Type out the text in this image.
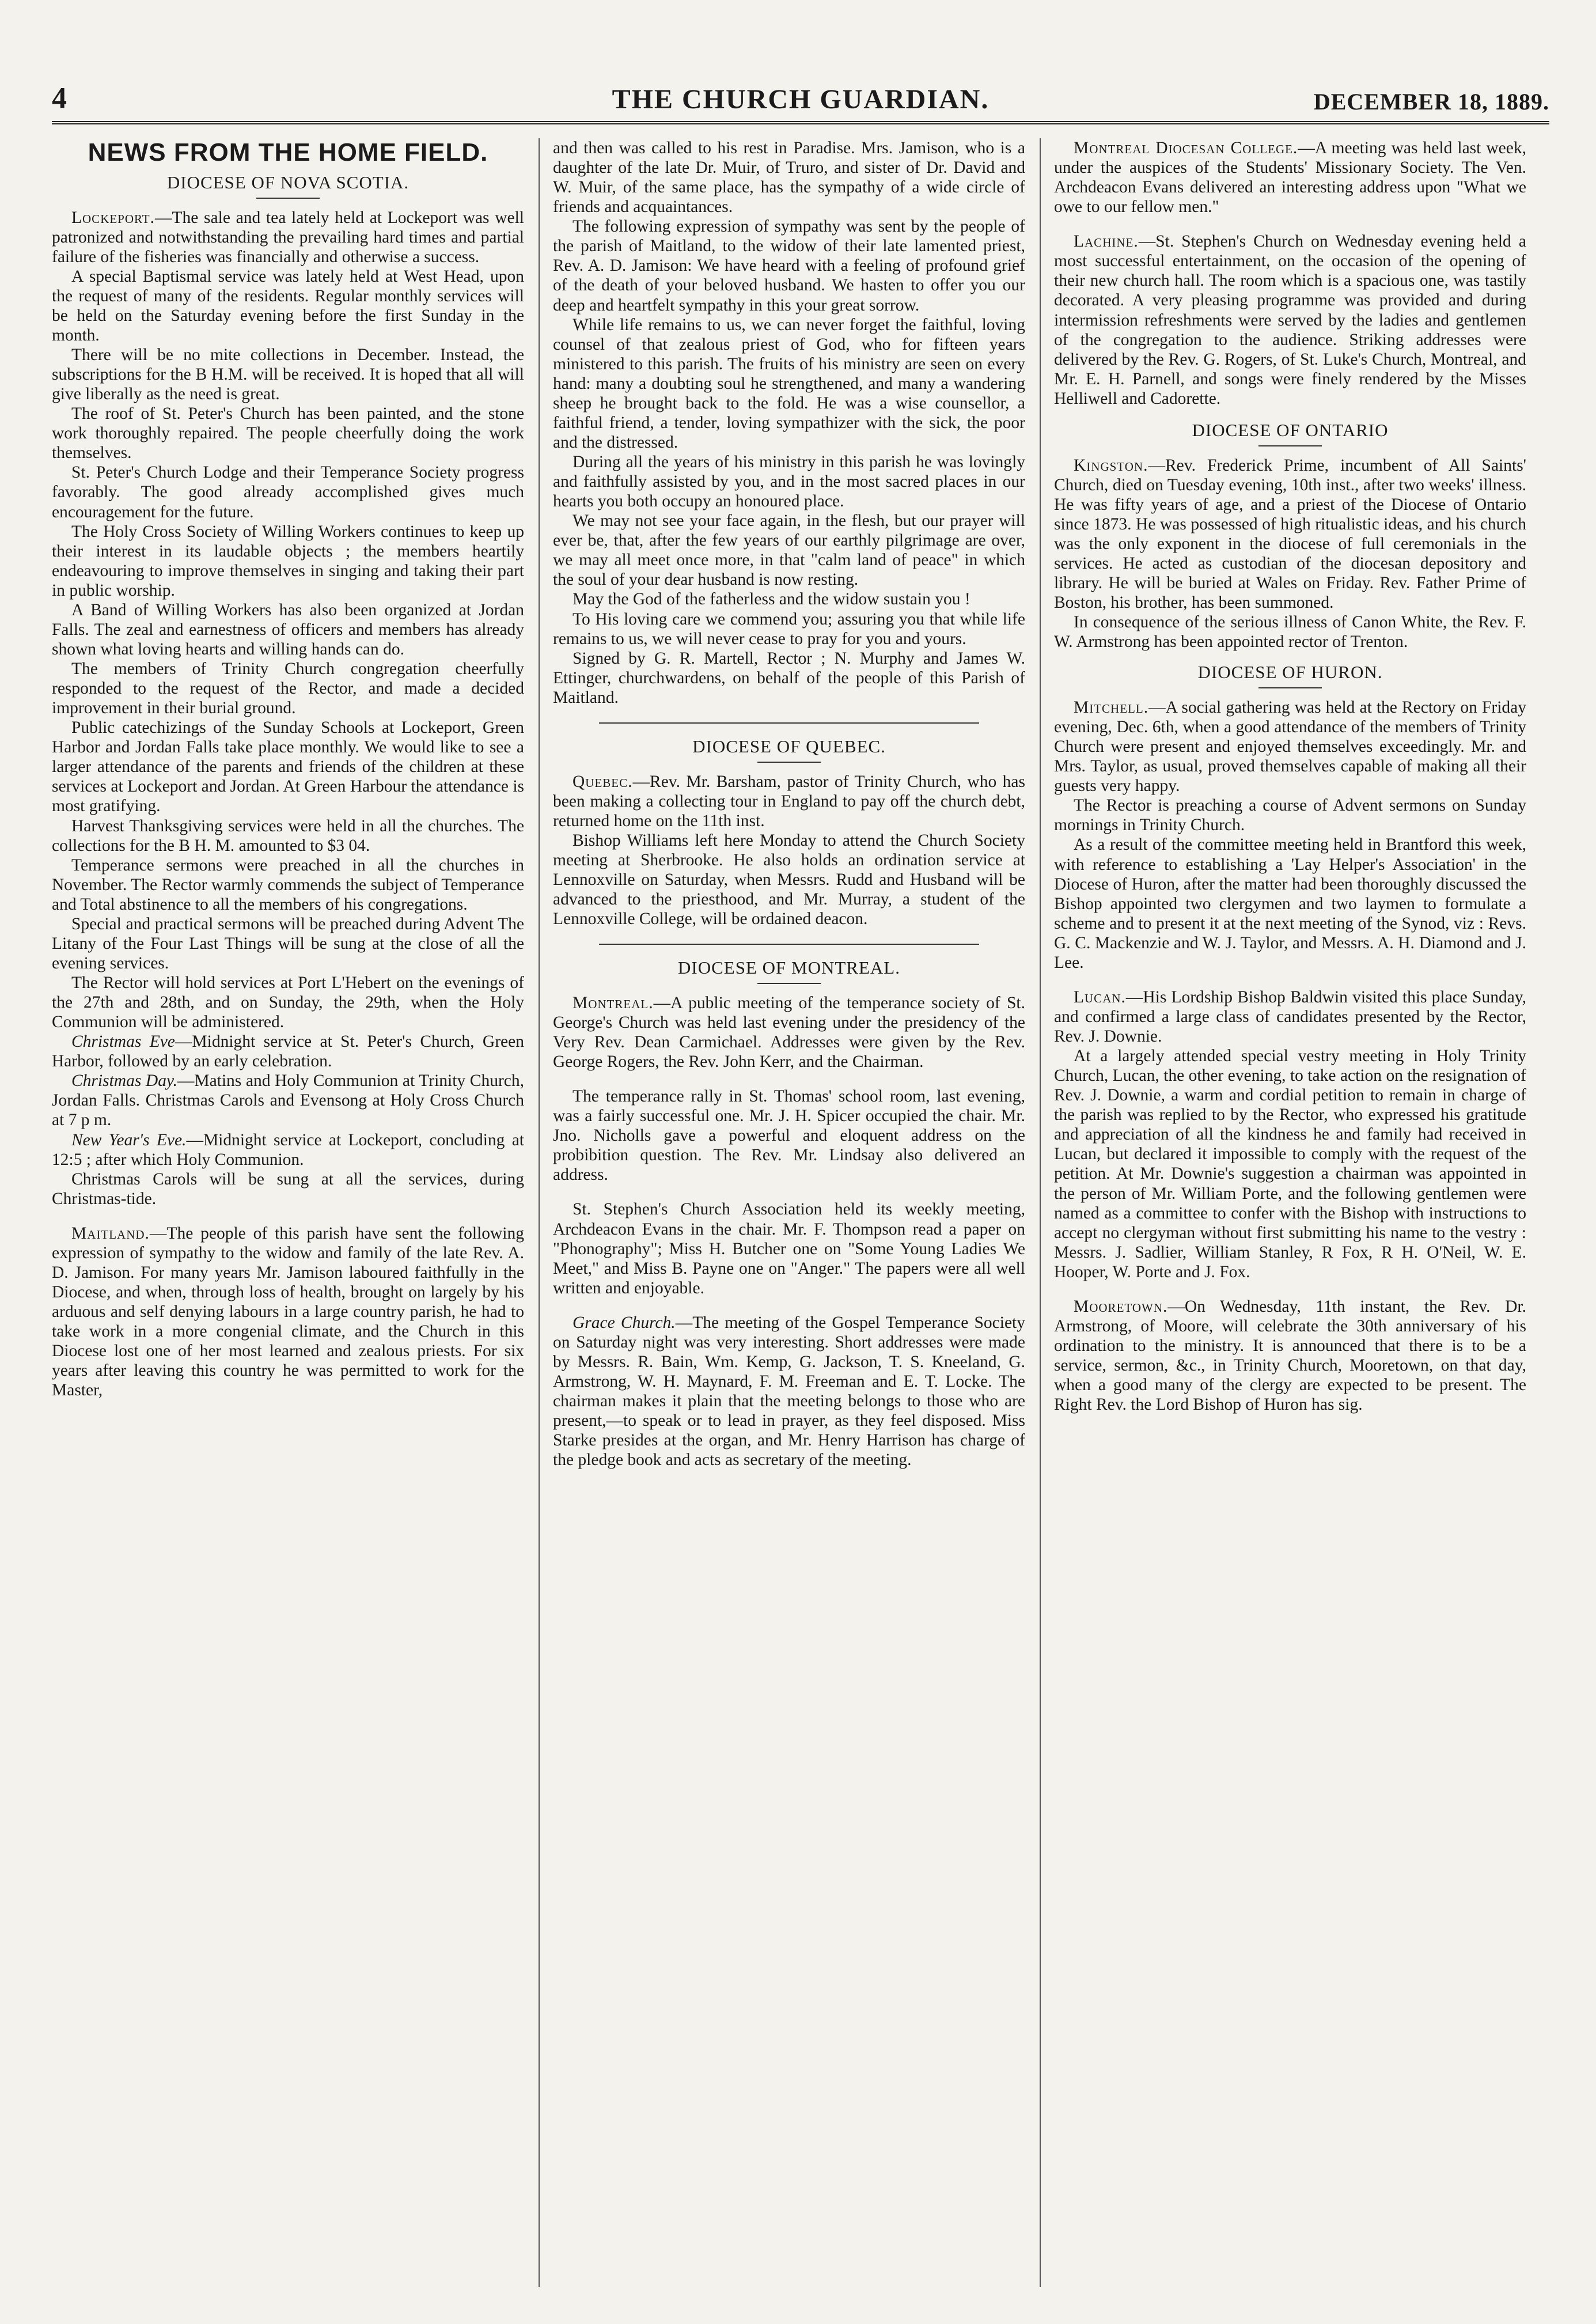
4	THE CHURCH GUARDIAN.	DECEMBER 18, 1889.
NEWS FROM THE HOME FIELD.
DIOCESE OF NOVA SCOTIA.

Lockeport.—The sale and tea lately held at Lockeport was well patronized and notwithstanding the prevailing hard times and partial failure of the fisheries was financially and otherwise a success.

A special Baptismal service was lately held at West Head, upon the request of many of the residents. Regular monthly services will be held on the Saturday evening before the first Sunday in the month.

There will be no mite collections in December. Instead, the subscriptions for the B H.M. will be received. It is hoped that all will give liberally as the need is great.

The roof of St. Peter's Church has been painted, and the stone work thoroughly repaired. The people cheerfully doing the work themselves.

St. Peter's Church Lodge and their Temperance Society progress favorably. The good already accomplished gives much encouragement for the future.

The Holy Cross Society of Willing Workers continues to keep up their interest in its laudable objects ; the members heartily endeavouring to improve themselves in singing and taking their part in public worship.

A Band of Willing Workers has also been organized at Jordan Falls. The zeal and earnestness of officers and members has already shown what loving hearts and willing hands can do.

The members of Trinity Church congregation cheerfully responded to the request of the Rector, and made a decided improvement in their burial ground.

Public catechizings of the Sunday Schools at Lockeport, Green Harbor and Jordan Falls take place monthly. We would like to see a larger attendance of the parents and friends of the children at these services at Lockeport and Jordan. At Green Harbour the attendance is most gratifying.

Harvest Thanksgiving services were held in all the churches. The collections for the B H. M. amounted to $3 04.

Temperance sermons were preached in all the churches in November. The Rector warmly commends the subject of Temperance and Total abstinence to all the members of his congregations.

Special and practical sermons will be preached during Advent The Litany of the Four Last Things will be sung at the close of all the evening services.

The Rector will hold services at Port L'Hebert on the evenings of the 27th and 28th, and on Sunday, the 29th, when the Holy Communion will be administered.

Christmas Eve—Midnight service at St. Peter's Church, Green Harbor, followed by an early celebration.

Christmas Day.—Matins and Holy Communion at Trinity Church, Jordan Falls. Christmas Carols and Evensong at Holy Cross Church at 7 p m.

New Year's Eve.—Midnight service at Lockeport, concluding at 12:5 ; after which Holy Communion.

Christmas Carols will be sung at all the services, during Christmas-tide.

Maitland.—The people of this parish have sent the following expression of sympathy to the widow and family of the late Rev. A. D. Jamison. For many years Mr. Jamison laboured faithfully in the Diocese, and when, through loss of health, brought on largely by his arduous and self denying labours in a large country parish, he had to take work in a more congenial climate, and the Church in this Diocese lost one of her most learned and zealous priests. For six years after leaving this country he was permitted to work for the Master,

and then was called to his rest in Paradise. Mrs. Jamison, who is a daughter of the late Dr. Muir, of Truro, and sister of Dr. David and W. Muir, of the same place, has the sympathy of a wide circle of friends and acquaintances.

The following expression of sympathy was sent by the people of the parish of Maitland, to the widow of their late lamented priest, Rev. A. D. Jamison: We have heard with a feeling of profound grief of the death of your beloved husband. We hasten to offer you our deep and heartfelt sympathy in this your great sorrow.

While life remains to us, we can never forget the faithful, loving counsel of that zealous priest of God, who for fifteen years ministered to this parish. The fruits of his ministry are seen on every hand: many a doubting soul he strengthened, and many a wandering sheep he brought back to the fold. He was a wise counsellor, a faithful friend, a tender, loving sympathizer with the sick, the poor and the distressed.

During all the years of his ministry in this parish he was lovingly and faithfully assisted by you, and in the most sacred places in our hearts you both occupy an honoured place.

We may not see your face again, in the flesh, but our prayer will ever be, that, after the few years of our earthly pilgrimage are over, we may all meet once more, in that "calm land of peace" in which the soul of your dear husband is now resting.

May the God of the fatherless and the widow sustain you !

To His loving care we commend you; assuring you that while life remains to us, we will never cease to pray for you and yours.

Signed by G. R. Martell, Rector ; N. Murphy and James W. Ettinger, churchwardens, on behalf of the people of this Parish of Maitland.

DIOCESE OF QUEBEC.

Quebec.—Rev. Mr. Barsham, pastor of Trinity Church, who has been making a collecting tour in England to pay off the church debt, returned home on the 11th inst.

Bishop Williams left here Monday to attend the Church Society meeting at Sherbrooke. He also holds an ordination service at Lennoxville on Saturday, when Messrs. Rudd and Husband will be advanced to the priesthood, and Mr. Murray, a student of the Lennoxville College, will be ordained deacon.

DIOCESE OF MONTREAL.

Montreal.—A public meeting of the temperance society of St. George's Church was held last evening under the presidency of the Very Rev. Dean Carmichael. Addresses were given by the Rev. George Rogers, the Rev. John Kerr, and the Chairman.

The temperance rally in St. Thomas' school room, last evening, was a fairly successful one. Mr. J. H. Spicer occupied the chair. Mr. Jno. Nicholls gave a powerful and eloquent address on the probibition question. The Rev. Mr. Lindsay also delivered an address.

St. Stephen's Church Association held its weekly meeting, Archdeacon Evans in the chair. Mr. F. Thompson read a paper on "Phonography"; Miss H. Butcher one on "Some Young Ladies We Meet," and Miss B. Payne one on "Anger." The papers were all well written and enjoyable.

Grace Church.—The meeting of the Gospel Temperance Society on Saturday night was very interesting. Short addresses were made by Messrs. R. Bain, Wm. Kemp, G. Jackson, T. S. Kneeland, G. Armstrong, W. H. Maynard, F. M. Freeman and E. T. Locke. The chairman makes it plain that the meeting belongs to those who are present,—to speak or to lead in prayer, as they feel disposed. Miss Starke presides at the organ, and Mr. Henry Harrison has charge of the pledge book and acts as secretary of the meeting.

Montreal Diocesan College.—A meeting was held last week, under the auspices of the Students' Missionary Society. The Ven. Archdeacon Evans delivered an interesting address upon "What we owe to our fellow men."

Lachine.—St. Stephen's Church on Wednesday evening held a most successful entertainment, on the occasion of the opening of their new church hall. The room which is a spacious one, was tastily decorated. A very pleasing programme was provided and during intermission refreshments were served by the ladies and gentlemen of the congregation to the audience. Striking addresses were delivered by the Rev. G. Rogers, of St. Luke's Church, Montreal, and Mr. E. H. Parnell, and songs were finely rendered by the Misses Helliwell and Cadorette.

DIOCESE OF ONTARIO

Kingston.—Rev. Frederick Prime, incumbent of All Saints' Church, died on Tuesday evening, 10th inst., after two weeks' illness. He was fifty years of age, and a priest of the Diocese of Ontario since 1873. He was possessed of high ritualistic ideas, and his church was the only exponent in the diocese of full ceremonials in the services. He acted as custodian of the diocesan depository and library. He will be buried at Wales on Friday. Rev. Father Prime of Boston, his brother, has been summoned.

In consequence of the serious illness of Canon White, the Rev. F. W. Armstrong has been appointed rector of Trenton.

DIOCESE OF HURON.

Mitchell.—A social gathering was held at the Rectory on Friday evening, Dec. 6th, when a good attendance of the members of Trinity Church were present and enjoyed themselves exceedingly. Mr. and Mrs. Taylor, as usual, proved themselves capable of making all their guests very happy.

The Rector is preaching a course of Advent sermons on Sunday mornings in Trinity Church.

As a result of the committee meeting held in Brantford this week, with reference to establishing a 'Lay Helper's Association' in the Diocese of Huron, after the matter had been thoroughly discussed the Bishop appointed two clergymen and two laymen to formulate a scheme and to present it at the next meeting of the Synod, viz : Revs. G. C. Mackenzie and W. J. Taylor, and Messrs. A. H. Diamond and J. Lee.

Lucan.—His Lordship Bishop Baldwin visited this place Sunday, and confirmed a large class of candidates presented by the Rector, Rev. J. Downie.

At a largely attended special vestry meeting in Holy Trinity Church, Lucan, the other evening, to take action on the resignation of Rev. J. Downie, a warm and cordial petition to remain in charge of the parish was replied to by the Rector, who expressed his gratitude and appreciation of all the kindness he and family had received in Lucan, but declared it impossible to comply with the request of the petition. At Mr. Downie's suggestion a chairman was appointed in the person of Mr. William Porte, and the following gentlemen were named as a committee to confer with the Bishop with instructions to accept no clergyman without first submitting his name to the vestry : Messrs. J. Sadlier, William Stanley, R Fox, R H. O'Neil, W. E. Hooper, W. Porte and J. Fox.

Mooretown.—On Wednesday, 11th instant, the Rev. Dr. Armstrong, of Moore, will celebrate the 30th anniversary of his ordination to the ministry. It is announced that there is to be a service, sermon, &c., in Trinity Church, Mooretown, on that day, when a good many of the clergy are expected to be present. The Right Rev. the Lord Bishop of Huron has sig.
